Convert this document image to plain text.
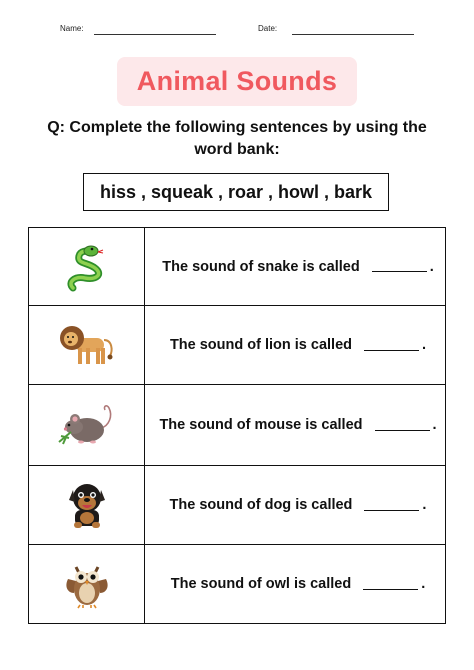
Name:	Date:
Animal Sounds
Q: Complete the following sentences by using the word bank:
hiss , squeak , roar , howl , bark
The sound of snake is called	.
The sound of lion is called	.
The sound of mouse is called	.
The sound of dog is called	.
The sound of owl is called	.
